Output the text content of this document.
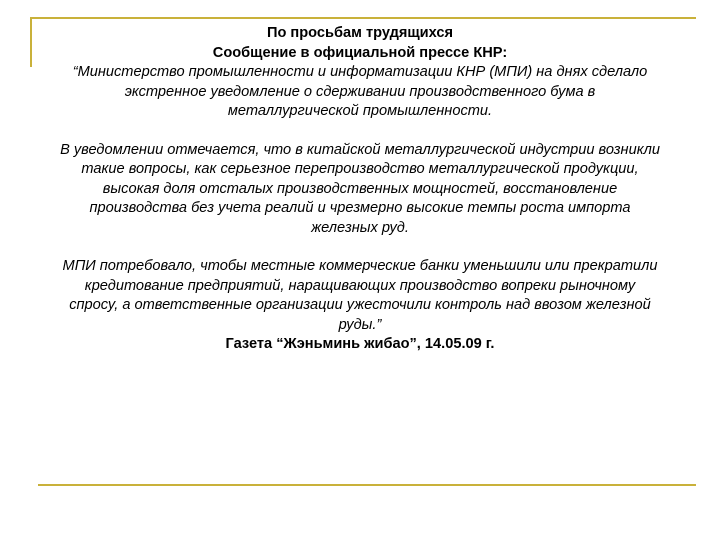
По просьбам трудящихся

Сообщение в официальной прессе КНР:

“Министерство промышленности и информатизации КНР (МПИ) на днях сделало экстренное уведомление о сдерживании производственного бума в металлургической промышленности.

В уведомлении отмечается, что в китайской металлургической индустрии возникли такие вопросы, как серьезное перепроизводство металлургической продукции, высокая доля отсталых производственных мощностей, восстановление производства без учета реалий и чрезмерно высокие темпы роста импорта железных руд.

МПИ потребовало, чтобы местные коммерческие банки уменьшили или прекратили кредитование предприятий, наращивающих производство вопреки рыночному спросу, а ответственные организации ужесточили контроль над ввозом железной руды.”

Газета “Жэньминь жибао”, 14.05.09 г.
